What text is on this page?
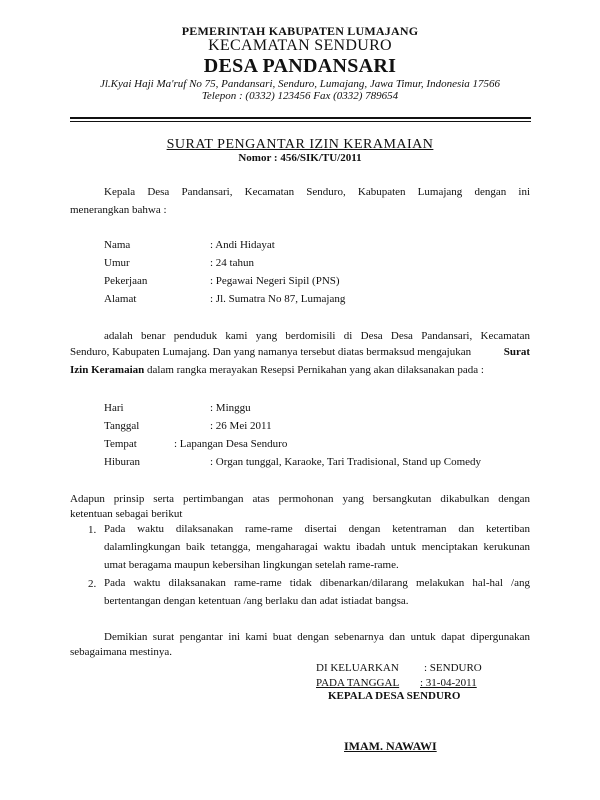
PEMERINTAH KABUPATEN LUMAJANG
KECAMATAN SENDURO
DESA PANDANSARI
Jl.Kyai Haji Ma'ruf No 75, Pandansari, Senduro, Lumajang, Jawa Timur, Indonesia 17566
Telepon : (0332) 123456 Fax (0332) 789654
SURAT PENGANTAR IZIN KERAMAIAN
Nomor : 456/SIK/TU/2011
Kepala Desa Pandansari, Kecamatan Senduro, Kabupaten Lumajang dengan ini
menerangkan bahwa :
Nama	: Andi Hidayat
Umur	: 24 tahun
Pekerjaan	: Pegawai Negeri Sipil (PNS)
Alamat	: Jl. Sumatra No 87, Lumajang
adalah benar penduduk kami yang berdomisili di Desa Desa Pandansari, Kecamatan
Senduro, Kabupaten Lumajang. Dan yang namanya tersebut diatas bermaksud mengajukan	Surat
Izin Keramaian dalam rangka merayakan Resepsi Pernikahan yang akan dilaksanakan pada :
Hari	: Minggu
Tanggal	: 26 Mei 2011
Tempat	: Lapangan Desa Senduro
Hiburan	: Organ tunggal, Karaoke, Tari Tradisional, Stand up Comedy
Adapun prinsip serta pertimbangan atas permohonan yang bersangkutan dikabulkan dengan
ketentuan sebagai berikut
1. Pada waktu dilaksanakan rame-rame disertai dengan ketentraman dan ketertiban
dalamlingkungan baik tetangga, mengaharagai waktu ibadah untuk menciptakan kerukunan
umat beragama maupun kebersihan lingkungan setelah rame-rame.
2. Pada waktu dilaksanakan rame-rame tidak dibenarkan/dilarang melakukan hal-hal /ang
bertentangan dengan ketentuan /ang berlaku dan adat istiadat bangsa.
Demikian surat pengantar ini kami buat dengan sebenarnya dan untuk dapat dipergunakan
sebagaimana mestinya.
DI KELUARKAN : SENDURO
PADA TANGGAL : 31-04-2011
KEPALA DESA SENDURO
IMAM. NAWAWI
